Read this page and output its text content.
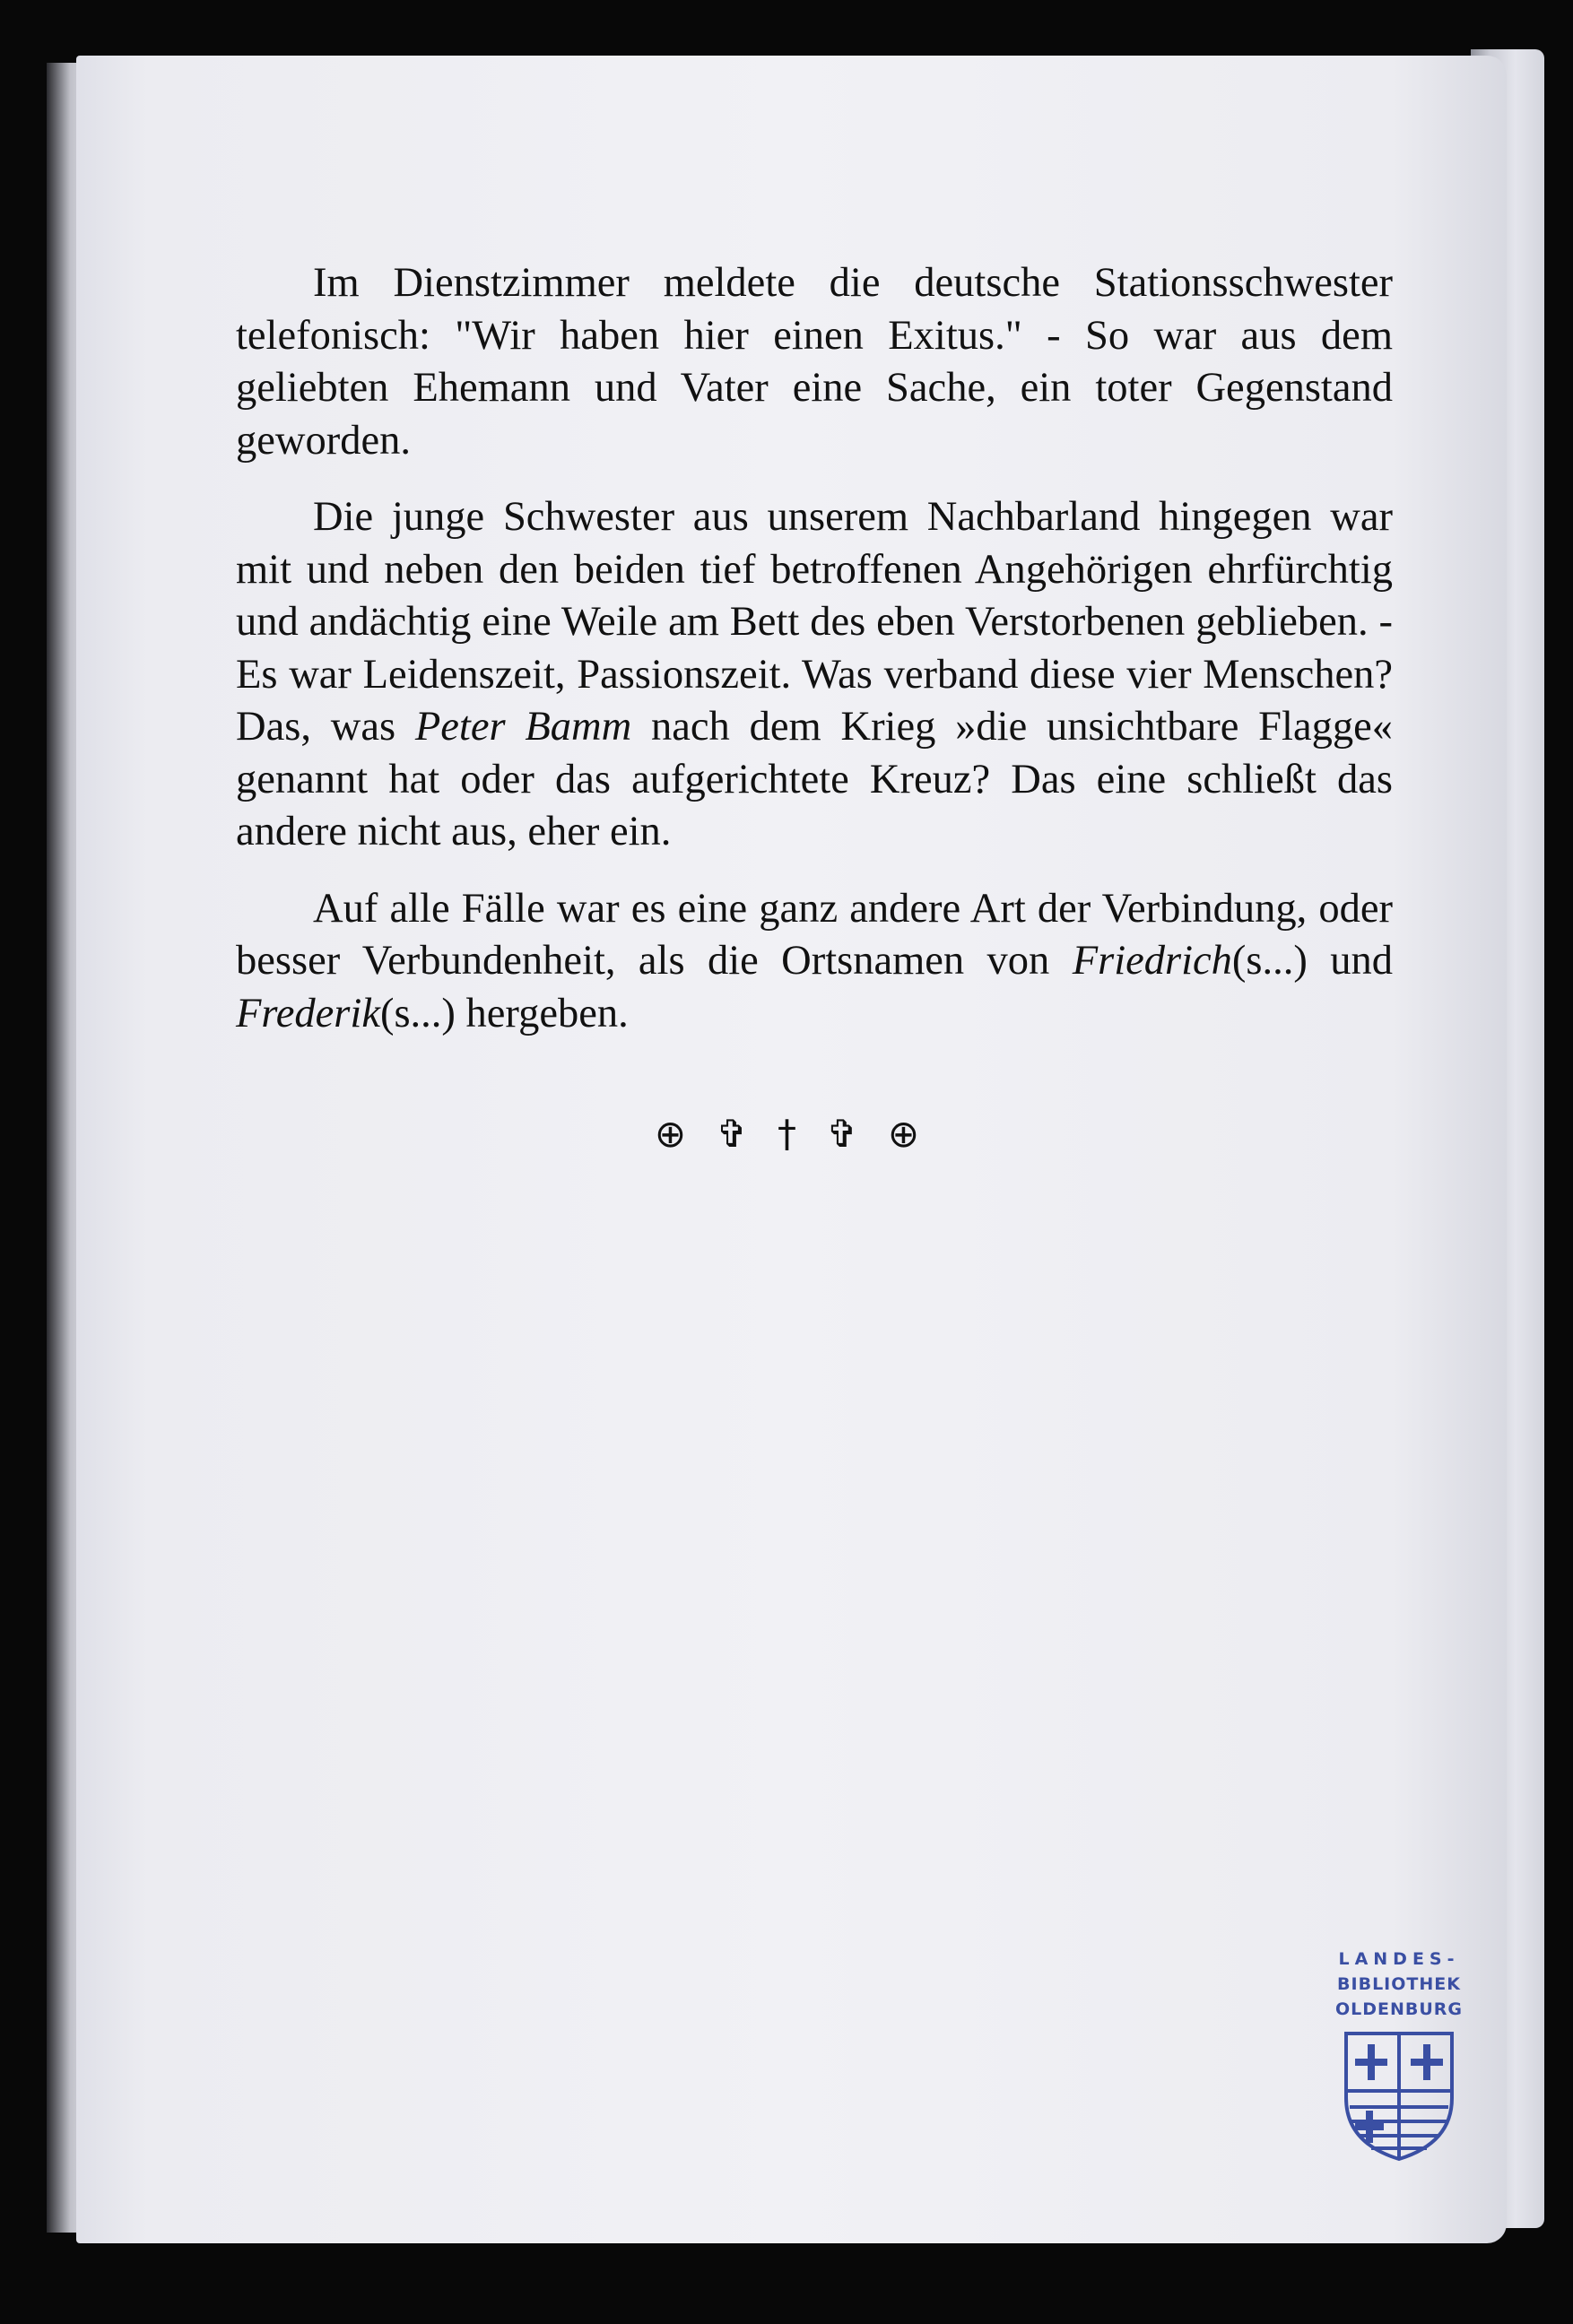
Im Dienstzimmer meldete die deutsche Stationsschwester telefonisch: "Wir haben hier einen Exitus." - So war aus dem geliebten Ehemann und Vater eine Sache, ein toter Gegenstand geworden.

Die junge Schwester aus unserem Nachbarland hingegen war mit und neben den beiden tief betroffenen Angehörigen ehrfürchtig und andächtig eine Weile am Bett des eben Verstorbenen geblieben. - Es war Leidenszeit, Passionszeit. Was verband diese vier Menschen? Das, was Peter Bamm nach dem Krieg »die unsichtbare Flagge« genannt hat oder das aufgerichtete Kreuz? Das eine schließt das andere nicht aus, eher ein.

Auf alle Fälle war es eine ganz andere Art der Verbindung, oder besser Verbundenheit, als die Ortsnamen von Friedrich(s...) und Frederik(s...) hergeben.

⊕ ✞ † ✞ ⊕
LANDES-
BIBLIOTHEK
OLDENBURG
